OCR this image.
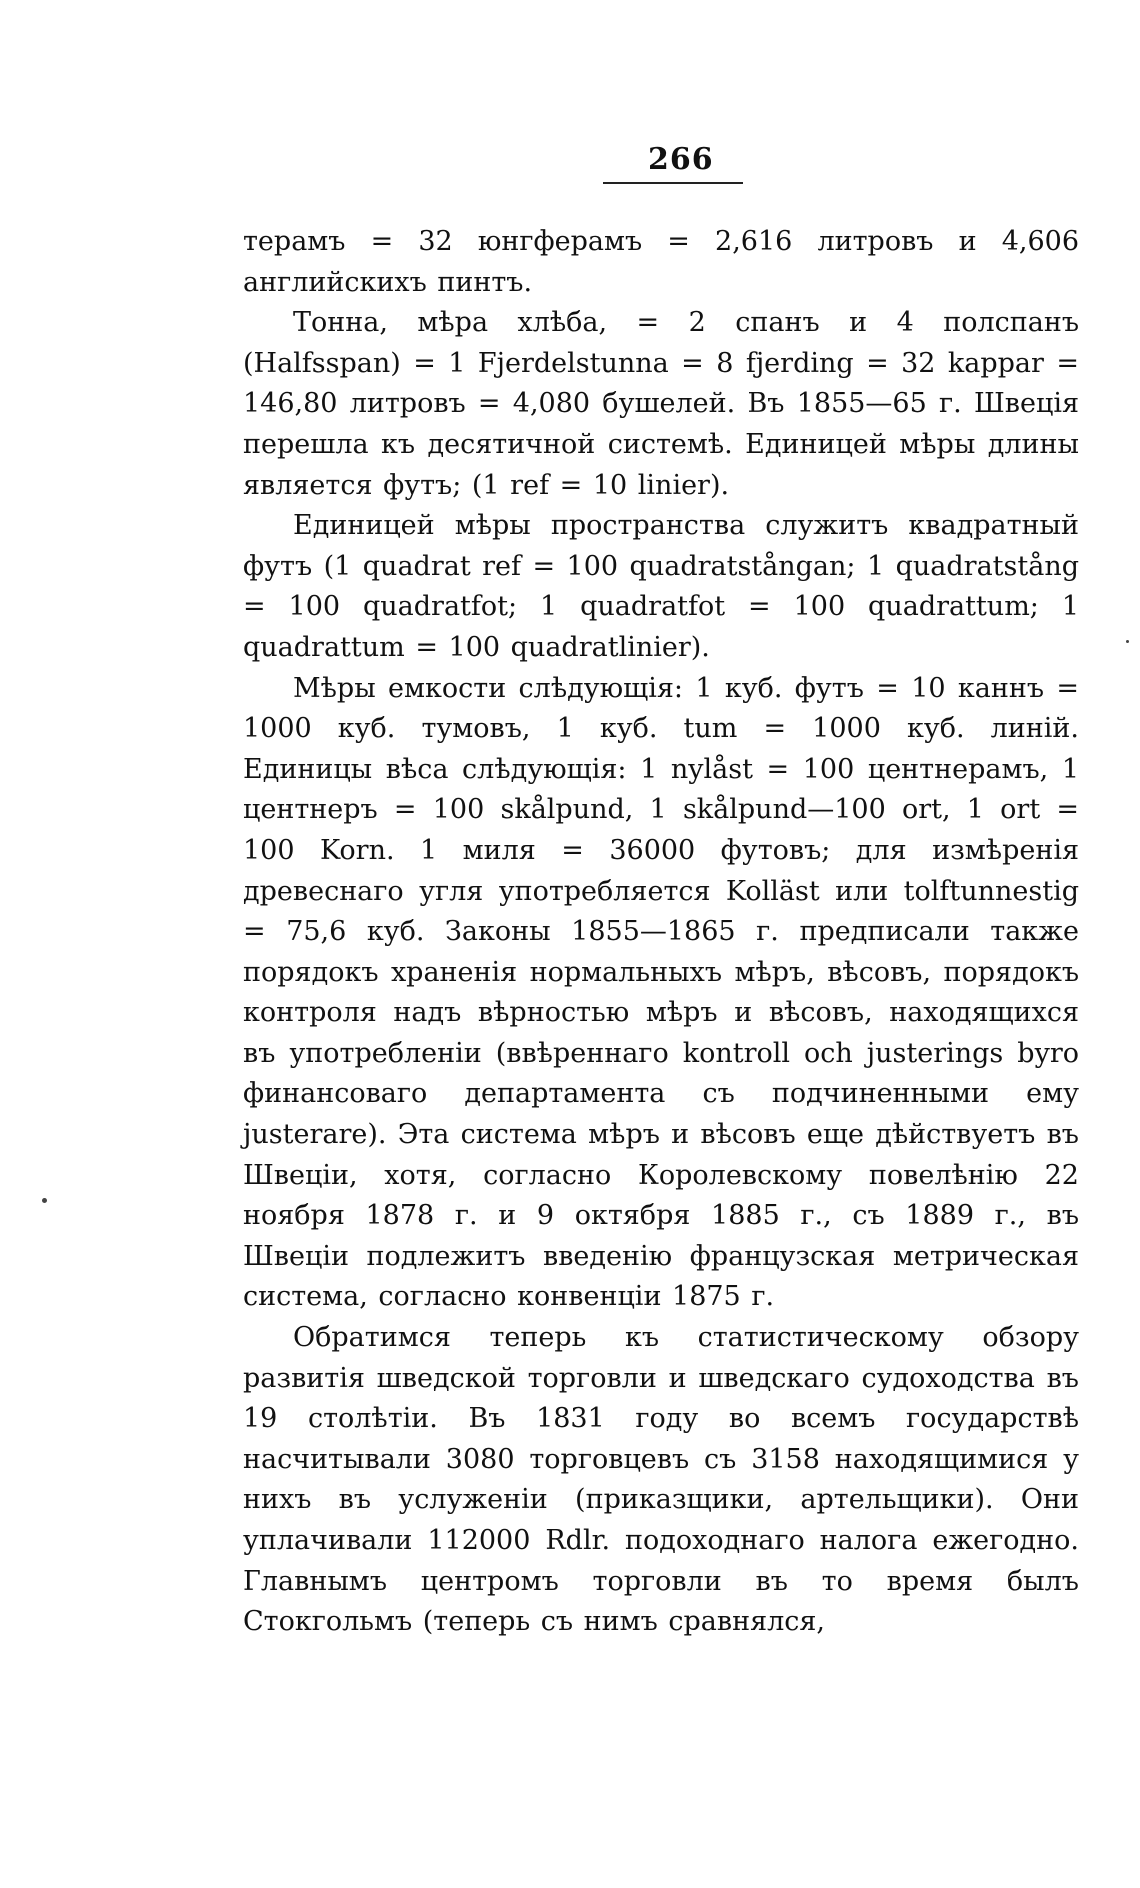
266

терамъ = 32 юнгферамъ = 2,616 литровъ и 4,606 английскихъ пинтъ.

Тонна, мѣра хлѣба, = 2 спанъ и 4 полспанъ (Halfsspan) = 1 Fjerdelstunna = 8 fjerding = 32 kappar = 146,80 литровъ = 4,080 бушелей. Въ 1855—65 г. Швеція перешла къ десятичной системѣ. Единицей мѣры длины является футъ; (1 ref = 10 linier).

Единицей мѣры пространства служитъ квадратный футъ (1 quadrat ref = 100 quadratstångan; 1 quadratstång = 100 quadratfot; 1 quadratfot = 100 quadrattum; 1 quadrattum = 100 quadratlinier).

Мѣры емкости слѣдующія: 1 куб. футъ = 10 каннъ = 1000 куб. тумовъ, 1 куб. tum = 1000 куб. линій. Единицы вѣса слѣдующія: 1 nylåst = 100 центнерамъ, 1 центнеръ = 100 skålpund, 1 skålpund—100 ort, 1 ort = 100 Korn. 1 миля = 36000 футовъ; для измѣренія древеснаго угля употребляется Kolläst или tolftunnestig = 75,6 куб. Законы 1855—1865 г. предписали также порядокъ храненія нормальныхъ мѣръ, вѣсовъ, порядокъ контроля надъ вѣрностью мѣръ и вѣсовъ, находящихся въ употребленіи (ввѣреннаго kontroll och justerings byro финансоваго департамента съ подчиненными ему justerare). Эта система мѣръ и вѣсовъ еще дѣйствуетъ въ Швеціи, хотя, согласно Королевскому повелѣнію 22 ноября 1878 г. и 9 октября 1885 г., съ 1889 г., въ Швеціи подлежитъ введенію французская метрическая система, согласно конвенціи 1875 г.

Обратимся теперь къ статистическому обзору развитія шведской торговли и шведскаго судоходства въ 19 столѣтіи. Въ 1831 году во всемъ государствѣ насчитывали 3080 торговцевъ съ 3158 находящимися у нихъ въ услуженіи (приказщики, артельщики). Они уплачивали 112000 Rdlr. подоходнаго налога ежегодно. Главнымъ центромъ торговли въ то время былъ Стокгольмъ (теперь съ нимъ сравнялся,
